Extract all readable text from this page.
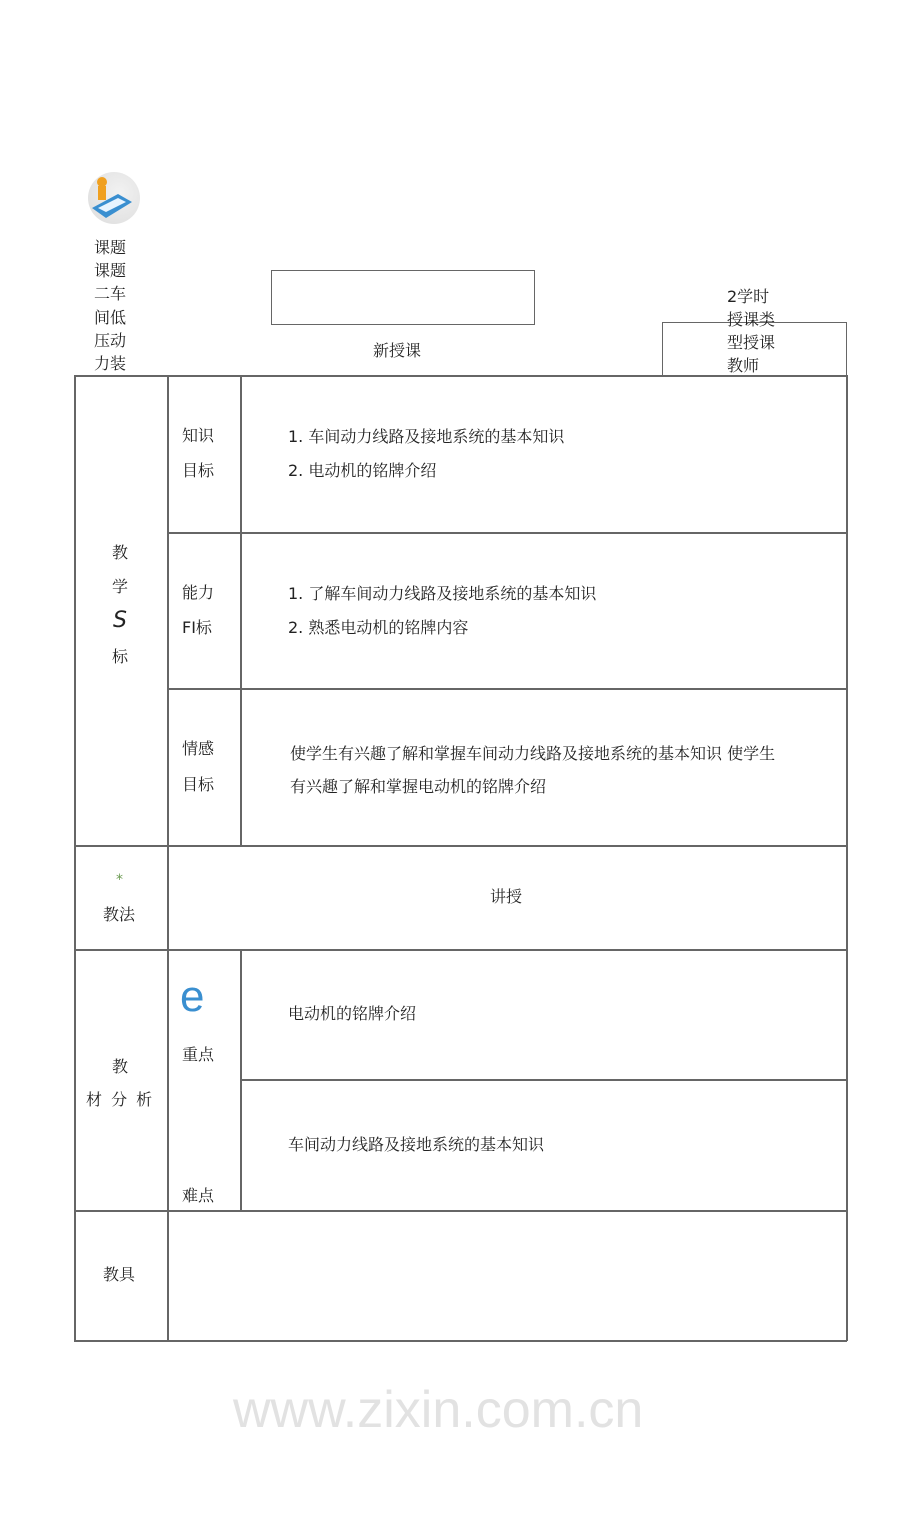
课题
课题
二车
间低
压动
力装
新授课
2学时
授课类
型授课
教师
www.zixin.com.cn
教
学
S
标
知识
目标
1. 车间动力线路及接地系统的基本知识
2. 电动机的铭牌介绍
能力
FI标
1. 了解车间动力线路及接地系统的基本知识
2. 熟悉电动机的铭牌内容
情感
目标
使学生有兴趣了解和掌握车间动力线路及接地系统的基本知识 使学生
有兴趣了解和掌握电动机的铭牌介绍
*
教法
讲授
教
材 分 析
e
重点
电动机的铭牌介绍
难点
车间动力线路及接地系统的基本知识
教具
